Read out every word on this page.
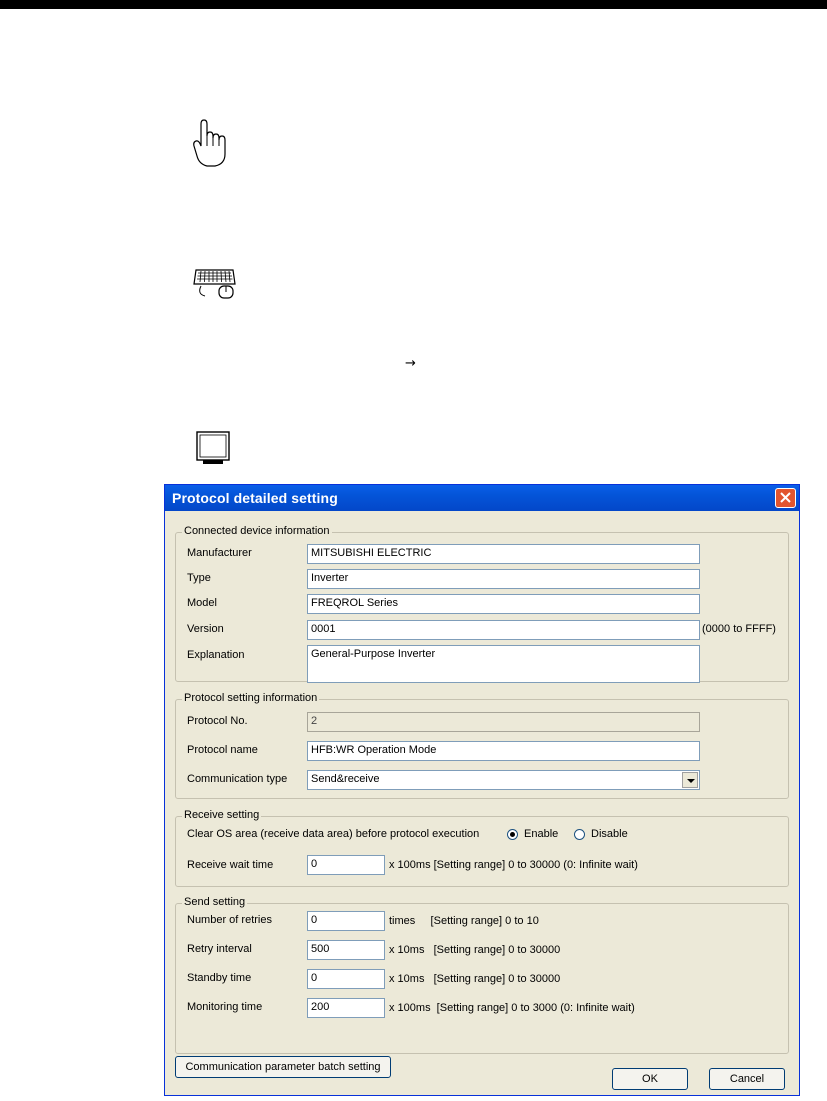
→
Protocol detailed setting
Connected device information
Manufacturer	MITSUBISHI ELECTRIC
Type	Inverter
Model	FREQROL Series
Version	0001	(0000 to FFFF)
Explanation	General-Purpose Inverter
Protocol setting information
Protocol No.	2
Protocol name	HFB:WR Operation Mode
Communication type	Send&receive
Receive setting
Clear OS area (receive data area) before protocol execution	Enable	Disable
Receive wait time	0	x 100ms [Setting range] 0 to 30000 (0: Infinite wait)
Send setting
Number of retries	0	times     [Setting range] 0 to 10
Retry interval	500	x 10ms   [Setting range] 0 to 30000
Standby time	0	x 10ms   [Setting range] 0 to 30000
Monitoring time	200	x 100ms  [Setting range] 0 to 3000 (0: Infinite wait)
Communication parameter batch setting
OK	Cancel
